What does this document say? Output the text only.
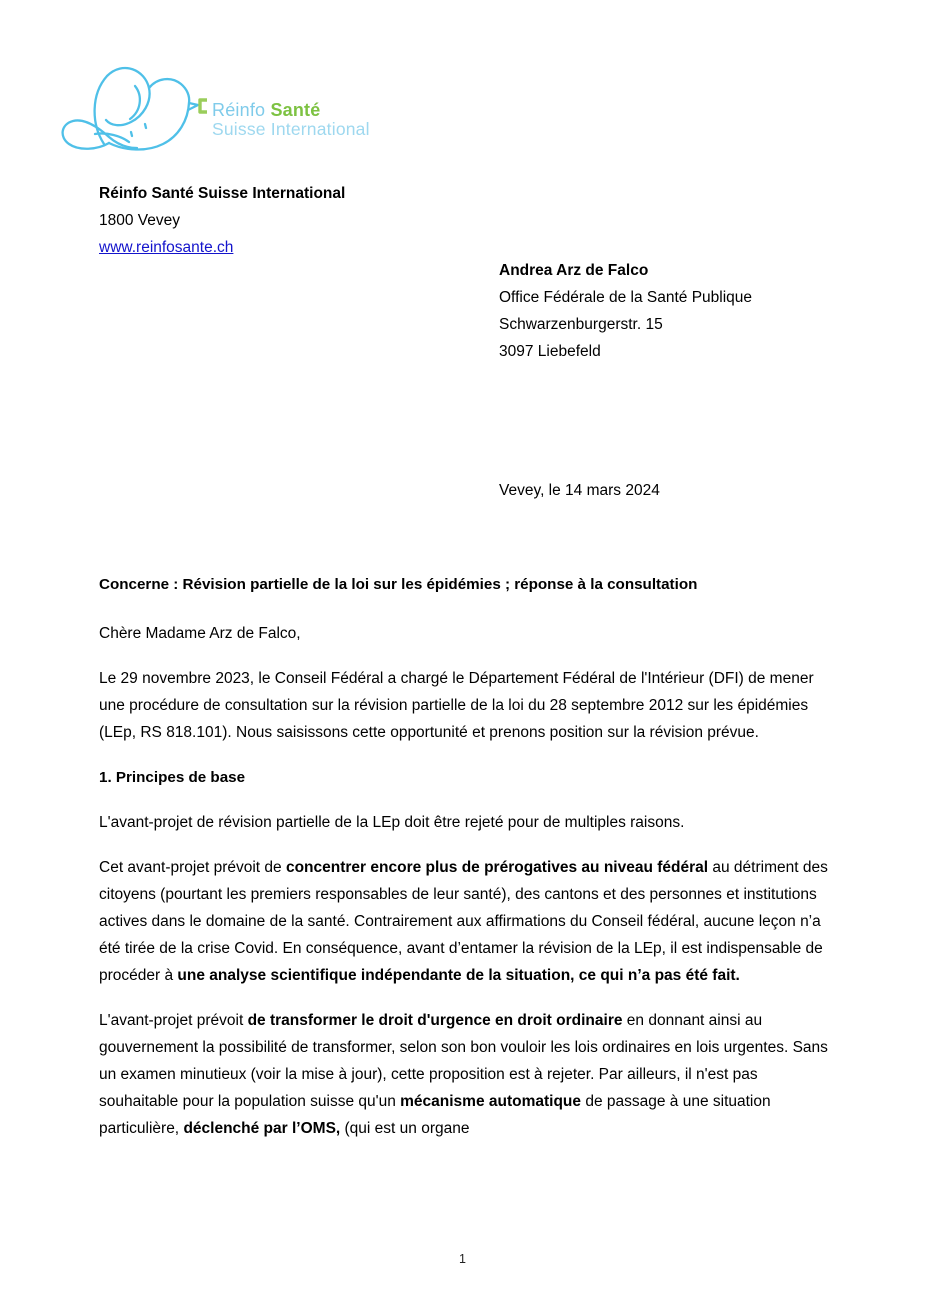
Réinfo Santé
Suisse International
Réinfo Santé Suisse International
1800 Vevey
www.reinfosante.ch
Andrea Arz de Falco
Office Fédérale de la Santé Publique
Schwarzenburgerstr. 15
3097 Liebefeld
Vevey, le 14 mars 2024
Concerne : Révision partielle de la loi sur les épidémies ; réponse à la consultation

Chère Madame Arz de Falco,

Le 29 novembre 2023, le Conseil Fédéral a chargé le Département Fédéral de l'Intérieur (DFI) de mener une procédure de consultation sur la révision partielle de la loi du 28 septembre 2012 sur les épidémies (LEp, RS 818.101). Nous saisissons cette opportunité et prenons position sur la révision prévue.

1. Principes de base

L'avant-projet de révision partielle de la LEp doit être rejeté pour de multiples raisons.

Cet avant-projet prévoit de concentrer encore plus de prérogatives au niveau fédéral au détriment des citoyens (pourtant les premiers responsables de leur santé), des cantons et des personnes et institutions actives dans le domaine de la santé. Contrairement aux affirmations du Conseil fédéral, aucune leçon n’a été tirée de la crise Covid. En conséquence, avant d’entamer la révision de la LEp, il est indispensable de procéder à une analyse scientifique indépendante de la situation, ce qui n’a pas été fait.

L'avant-projet prévoit de transformer le droit d'urgence en droit ordinaire en donnant ainsi au gouvernement la possibilité de transformer, selon son bon vouloir les lois ordinaires en lois urgentes. Sans un examen minutieux (voir la mise à jour), cette proposition est à rejeter. Par ailleurs, il n'est pas souhaitable pour la population suisse qu'un mécanisme automatique de passage à une situation particulière, déclenché par l’OMS, (qui est un organe

1
